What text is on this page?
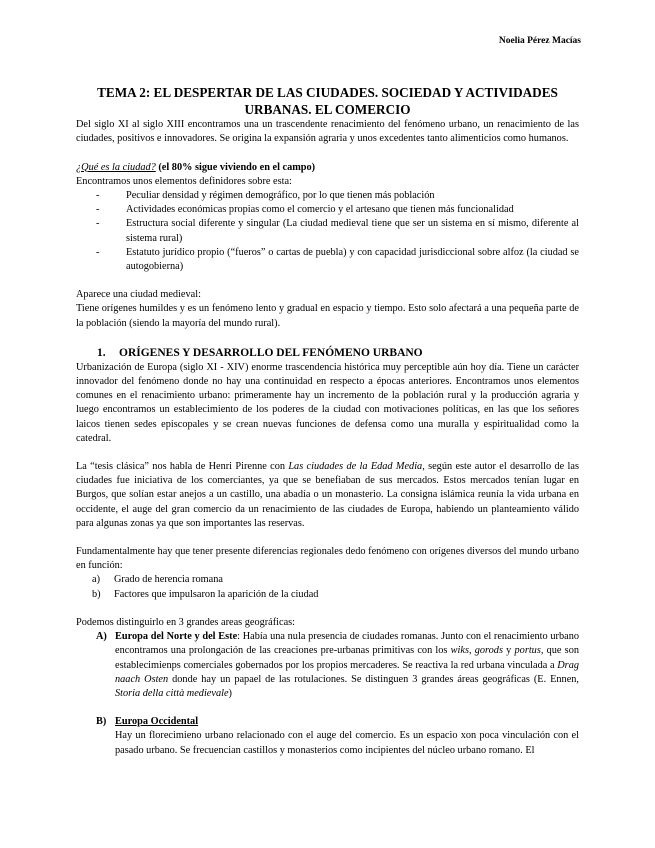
Noelia Pérez Macías
TEMA 2: EL DESPERTAR DE LAS CIUDADES. SOCIEDAD Y ACTIVIDADES URBANAS. EL COMERCIO

Del siglo XI al siglo XIII encontramos una un trascendente renacimiento del fenómeno urbano, un renacimiento de las ciudades, positivos e innovadores. Se origina la expansión agraria y unos excedentes tanto alimenticios como humanos.

¿Qué es la ciudad? (el 80% sigue viviendo en el campo)

Encontramos unos elementos definidores sobre esta:

- Peculiar densidad y régimen demográfico, por lo que tienen más población
- Actividades económicas propias como el comercio y el artesano que tienen más funcionalidad
- Estructura social diferente y singular (La ciudad medieval tiene que ser un sistema en sí mismo, diferente al sistema rural)
- Estatuto jurídico propio (“fueros” o cartas de puebla) y con capacidad jurisdiccional sobre alfoz (la ciudad se autogobierna)

Aparece una ciudad medieval:

Tiene orígenes humildes y es un fenómeno lento y gradual en espacio y tiempo. Esto solo afectará a una pequeña parte de la población (siendo la mayoría del mundo rural).

1. ORÍGENES Y DESARROLLO DEL FENÓMENO URBANO

Urbanización de Europa (siglo XI - XIV) enorme trascendencia histórica muy perceptible aún hoy día. Tiene un carácter innovador del fenómeno donde no hay una continuidad en respecto a épocas anteriores. Encontramos unos elementos comunes en el renacimiento urbano: primeramente hay un incremento de la población rural y la producción agraria y luego encontramos un establecimiento de los poderes de la ciudad con motivaciones políticas, en las que los señores laicos tienen sedes episcopales y se crean nuevas funciones de defensa como una muralla y espiritualidad como la catedral.

La “tesis clásica” nos habla de Henri Pirenne con Las ciudades de la Edad Media, según este autor el desarrollo de las ciudades fue iniciativa de los comerciantes, ya que se benefiaban de sus mercados. Estos mercados tenían lugar en Burgos, que solían estar anejos a un castillo, una abadía o un monasterio. La consigna islámica reunía la vida urbana en occidente, el auge del gran comercio da un renacimiento de las ciudades de Europa, habiendo un planteamiento válido para algunas zonas ya que son importantes las reservas.

Fundamentalmente hay que tener presente diferencias regionales dedo fenómeno con orígenes diversos del mundo urbano en función:

a) Grado de herencia romana
b) Factores que impulsaron la aparición de la ciudad

Podemos distinguirlo en 3 grandes areas geográficas:

A) Europa del Norte y del Este: Había una nula presencia de ciudades romanas. Junto con el renacimiento urbano encontramos una prolongación de las creaciones pre-urbanas primitivas con los wiks, gorods y portus, que son establecimienps comerciales gobernados por los propios mercaderes. Se reactiva la red urbana vinculada a Drag naach Osten donde hay un papael de las rotulaciones. Se distinguen 3 grandes áreas geográficas (E. Ennen, Storia della città medievale)
B) Europa Occidental
Hay un florecimieno urbano relacionado con el auge del comercio. Es un espacio xon poca vinculación con el pasado urbano. Se frecuencian castillos y monasterios como incipientes del núcleo urbano romano. El
